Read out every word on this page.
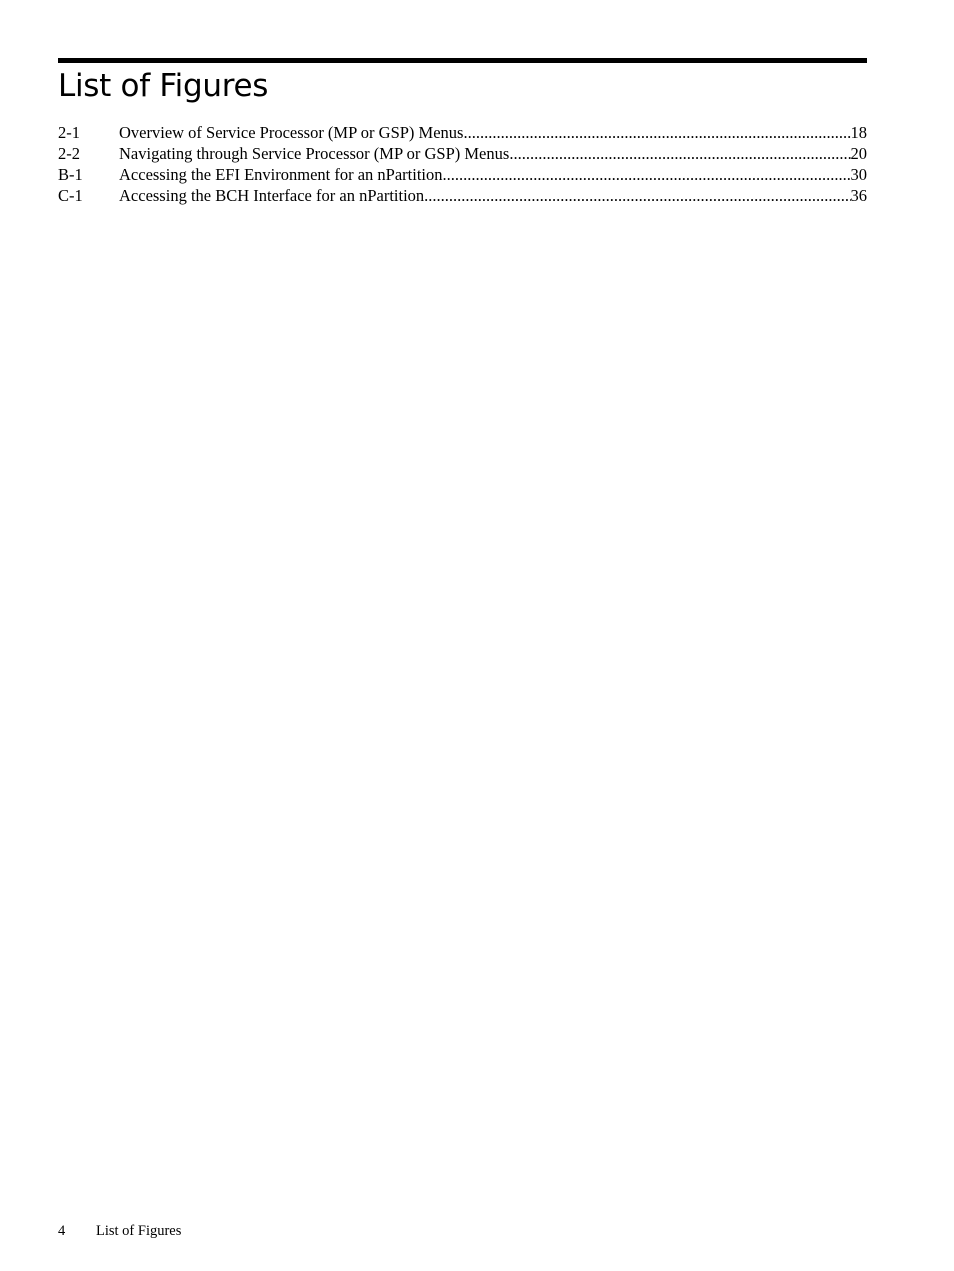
List of Figures
2-1	Overview of Service Processor (MP or GSP) Menus .....	18
2-2	Navigating through Service Processor (MP or GSP) Menus .....	20
B-1	Accessing the EFI Environment for an nPartition .....	30
C-1	Accessing the BCH Interface for an nPartition .....	36
4	List of Figures
